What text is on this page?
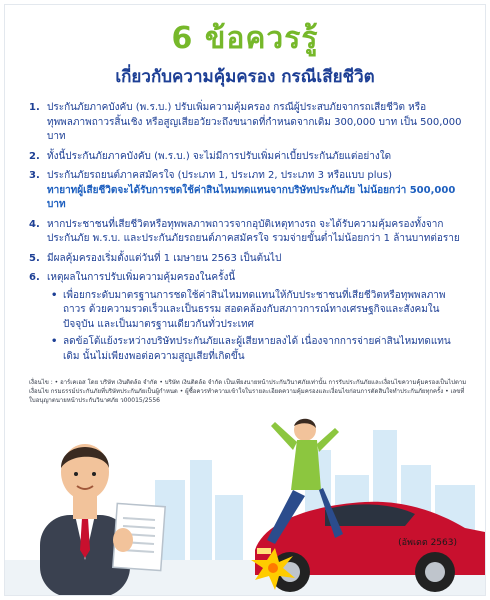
6 ข้อควรรู้
เกี่ยวกับความคุ้มครอง กรณีเสียชีวิต
1. ประกันภัยภาคบังคับ (พ.ร.บ.) ปรับเพิ่มความคุ้มครอง กรณีผู้ประสบภัยจากรถเสียชีวิต หรือทุพพลภาพถาวรสิ้นเชิง หรือสูญเสียอวัยวะถึงขนาดที่กำหนดจากเดิม 300,000 บาท เป็น 500,000 บาท
2. ทั้งนี้ประกันภัยภาคบังคับ (พ.ร.บ.) จะไม่มีการปรับเพิ่มค่าเบี้ยประกันภัยแต่อย่างใด
3. ประกันภัยรถยนต์ภาคสมัครใจ (ประเภท 1, ประเภท 2, ประเภท 3 หรือแบบ plus)
ทายาทผู้เสียชีวิตจะได้รับการชดใช้ค่าสินไหมทดแทนจากบริษัทประกันภัย ไม่น้อยกว่า 500,000 บาท
4. หากประชาชนที่เสียชีวิตหรือทุพพลภาพถาวรจากอุบัติเหตุทางรถ จะได้รับความคุ้มครองทั้งจาก ประกันภัย พ.ร.บ. และประกันภัยรถยนต์ภาคสมัครใจ รวมจ่ายขั้นต่ำไม่น้อยกว่า 1 ล้านบาทต่อราย
5. มีผลคุ้มครองเริ่มตั้งแต่วันที่ 1 เมษายน 2563 เป็นต้นไป
6. เหตุผลในการปรับเพิ่มความคุ้มครองในครั้งนี้
• เพื่อยกระดับมาตรฐานการชดใช้ค่าสินไหมทดแทนให้กับประชาชนที่เสียชีวิตหรือทุพพลภาพถาวร ด้วยความรวดเร็วและเป็นธรรม สอดคล้องกับสภาวการณ์ทางเศรษฐกิจและสังคมในปัจจุบัน และเป็นมาตรฐานเดียวกันทั่วประเทศ
• ลดข้อโต้แย้งระหว่างบริษัทประกันภัยและผู้เสียหายลงได้ เนื่องจากการจ่ายค่าสินไหมทดแทนเดิม นั้นไม่เพียงพอต่อความสูญเสียที่เกิดขึ้น
เงื่อนไข : • อาร์เคเอส โดย บริษัท เงินติดล้อ จำกัด • บริษัท เงินติดล้อ จำกัด เป็นเพียงนายหน้าประกันวินาศภัยเท่านั้น การรับประกันภัยและเงื่อนไขความคุ้มครองเป็นไปตามเงื่อนไข กรมธรรม์ประกันภัยที่บริษัทประกันภัยเป็นผู้กำหนด • ผู้ซื้อควรทำความเข้าใจในรายละเอียดความคุ้มครองและเงื่อนไขก่อนการตัดสินใจทำประกันภัยทุกครั้ง • เลขที่ใบอนุญาตนายหน้าประกันวินาศภัย ว00015/2556
(อัพเดต 2563)
